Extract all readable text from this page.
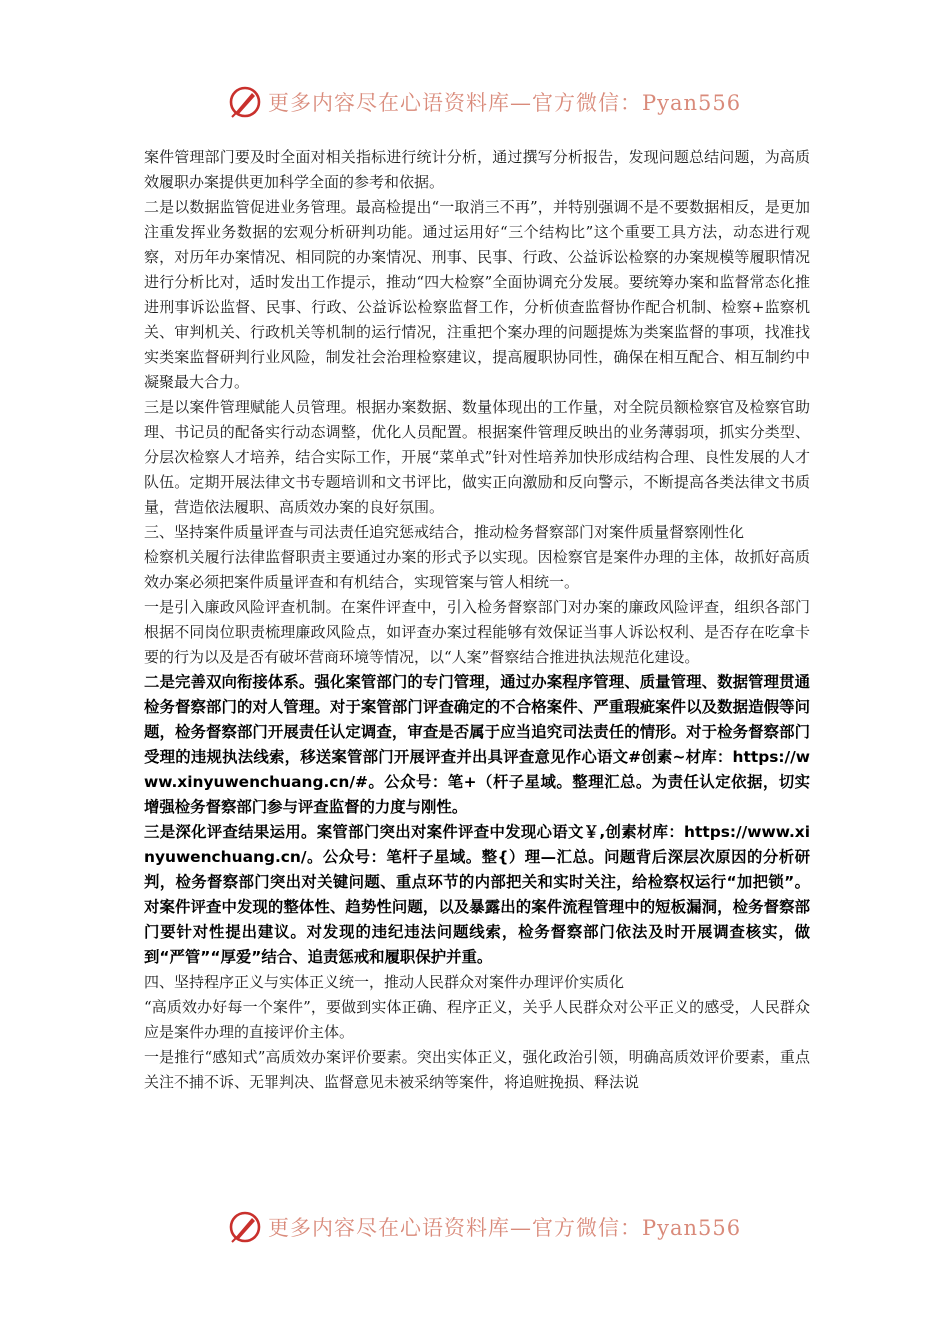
更多内容尽在心语资料库—官方微信：Pyan556

案件管理部门要及时全面对相关指标进行统计分析，通过撰写分析报告，发现问题总结问题，为高质效履职办案提供更加科学全面的参考和依据。

二是以数据监管促进业务管理。最高检提出“一取消三不再”，并特别强调不是不要数据相反，是更加注重发挥业务数据的宏观分析研判功能。通过运用好“三个结构比”这个重要工具方法，动态进行观察，对历年办案情况、相同院的办案情况、刑事、民事、行政、公益诉讼检察的办案规模等履职情况进行分析比对，适时发出工作提示，推动“四大检察”全面协调充分发展。要统筹办案和监督常态化推进刑事诉讼监督、民事、行政、公益诉讼检察监督工作，分析侦查监督协作配合机制、检察+监察机关、审判机关、行政机关等机制的运行情况，注重把个案办理的问题提炼为类案监督的事项，找准找实类案监督研判行业风险，制发社会治理检察建议，提高履职协同性，确保在相互配合、相互制约中凝聚最大合力。

三是以案件管理赋能人员管理。根据办案数据、数量体现出的工作量，对全院员额检察官及检察官助理、书记员的配备实行动态调整，优化人员配置。根据案件管理反映出的业务薄弱项，抓实分类型、分层次检察人才培养，结合实际工作，开展“菜单式”针对性培养加快形成结构合理、良性发展的人才队伍。定期开展法律文书专题培训和文书评比，做实正向激励和反向警示，不断提高各类法律文书质量，营造依法履职、高质效办案的良好氛围。

三、坚持案件质量评查与司法责任追究惩戒结合，推动检务督察部门对案件质量督察刚性化

检察机关履行法律监督职责主要通过办案的形式予以实现。因检察官是案件办理的主体，故抓好高质效办案必须把案件质量评查和有机结合，实现管案与管人相统一。

一是引入廉政风险评查机制。在案件评查中，引入检务督察部门对办案的廉政风险评查，组织各部门根据不同岗位职责梳理廉政风险点，如评查办案过程能够有效保证当事人诉讼权利、是否存在吃拿卡要的行为以及是否有破坏营商环境等情况，以“人案”督察结合推进执法规范化建设。

二是完善双向衔接体系。强化案管部门的专门管理，通过办案程序管理、质量管理、数据管理贯通检务督察部门的对人管理。对于案管部门评查确定的不合格案件、严重瑕疵案件以及数据造假等问题，检务督察部门开展责任认定调查，审查是否属于应当追究司法责任的情形。对于检务督察部门受理的违规执法线索，移送案管部门开展评查并出具评查意见作心语文#创素~材库：https://www.xinyuwenchuang.cn/#。公众号：笔+（杆子星域。整理汇总。为责任认定依据，切实增强检务督察部门参与评查监督的力度与刚性。

三是深化评查结果运用。案管部门突出对案件评查中发现心语文￥,创素材库：https://www.xinyuwenchuang.cn/。公众号：笔杆子星域。整{）理—汇总。问题背后深层次原因的分析研判，检务督察部门突出对关键问题、重点环节的内部把关和实时关注，给检察权运行“加把锁”。对案件评查中发现的整体性、趋势性问题，以及暴露出的案件流程管理中的短板漏洞，检务督察部门要针对性提出建议。对发现的违纪违法问题线索，检务督察部门依法及时开展调查核实，做到“严管”“厚爱”结合、追责惩戒和履职保护并重。

四、坚持程序正义与实体正义统一，推动人民群众对案件办理评价实质化

“高质效办好每一个案件”，要做到实体正确、程序正义，关乎人民群众对公平正义的感受，人民群众应是案件办理的直接评价主体。

一是推行“感知式”高质效办案评价要素。突出实体正义，强化政治引领，明确高质效评价要素，重点关注不捕不诉、无罪判决、监督意见未被采纳等案件，将追赃挽损、释法说

更多内容尽在心语资料库—官方微信：Pyan556
